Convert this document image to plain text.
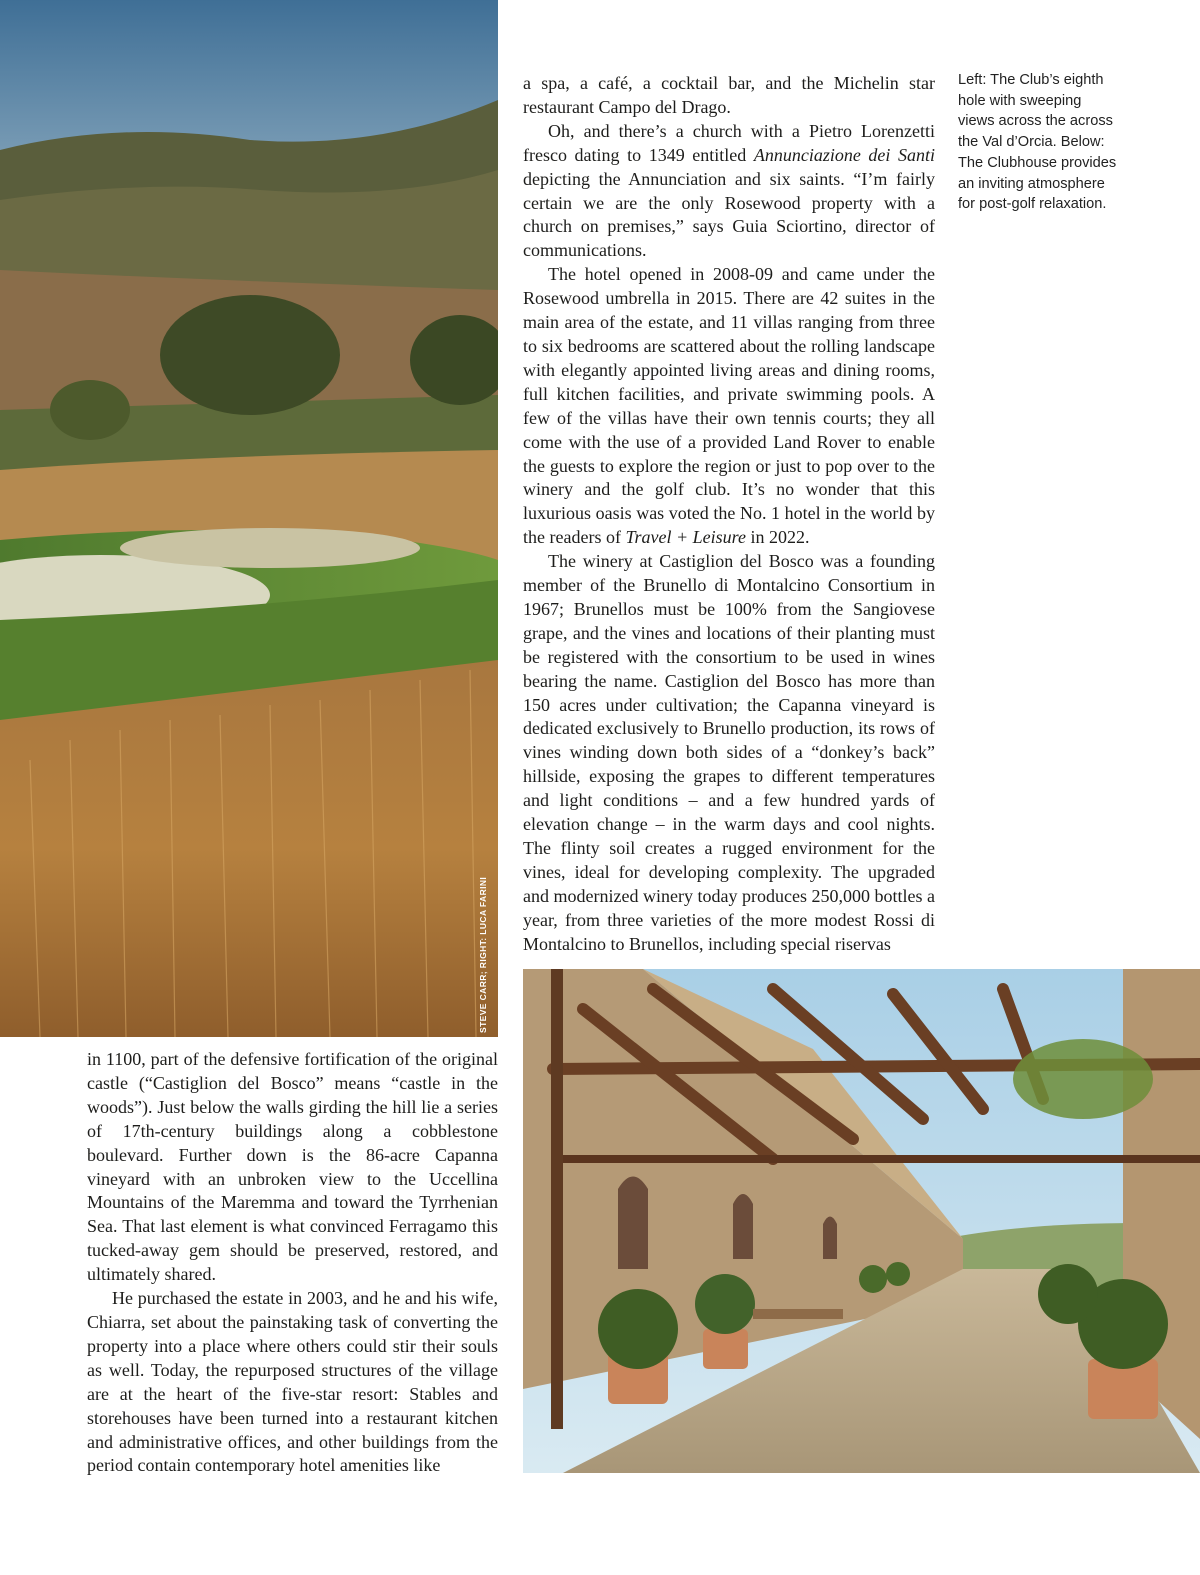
STEVE CARR; RIGHT: LUCA FARINI

a spa, a café, a cocktail bar, and the Michelin star restaurant Campo del Drago.

Oh, and there’s a church with a Pietro Lorenzetti fresco dating to 1349 entitled Annunciazione dei Santi depicting the Annunciation and six saints. “I’m fairly certain we are the only Rosewood property with a church on premises,” says Guia Sciortino, director of communications.

The hotel opened in 2008-09 and came under the Rosewood umbrella in 2015. There are 42 suites in the main area of the estate, and 11 villas ranging from three to six bedrooms are scattered about the rolling landscape with elegantly appointed living areas and dining rooms, full kitchen facilities, and private swimming pools. A few of the villas have their own tennis courts; they all come with the use of a provided Land Rover to enable the guests to explore the region or just to pop over to the winery and the golf club. It’s no wonder that this luxurious oasis was voted the No. 1 hotel in the world by the readers of Travel + Leisure in 2022.

The winery at Castiglion del Bosco was a founding member of the Brunello di Montalcino Consortium in 1967; Brunellos must be 100% from the Sangiovese grape, and the vines and locations of their planting must be registered with the consortium to be used in wines bearing the name. Castiglion del Bosco has more than 150 acres under cultivation; the Capanna vineyard is dedicated exclusively to Brunello production, its rows of vines winding down both sides of a “donkey’s back” hillside, exposing the grapes to different temperatures and light conditions – and a few hundred yards of elevation change – in the warm days and cool nights. The flinty soil creates a rugged environment for the vines, ideal for developing complexity. The upgraded and modernized winery today produces 250,000 bottles a year, from three varieties of the more modest Rossi di Montalcino to Brunellos, including special riservas

Left: The Club’s eighth hole with sweeping views across the across the Val d’Orcia. Below: The Clubhouse provides an inviting atmosphere for post-golf relaxation.

in 1100, part of the defensive fortification of the original castle (“Castiglion del Bosco” means “castle in the woods”). Just below the walls girding the hill lie a series of 17th-century buildings along a cobblestone boulevard. Further down is the 86-acre Capanna vineyard with an unbroken view to the Uccellina Mountains of the Maremma and toward the Tyrrhenian Sea. That last element is what convinced Ferragamo this tucked-away gem should be preserved, restored, and ultimately shared.

He purchased the estate in 2003, and he and his wife, Chiarra, set about the painstaking task of converting the property into a place where others could stir their souls as well. Today, the repurposed structures of the village are at the heart of the five-star resort: Stables and storehouses have been turned into a restaurant kitchen and administrative offices, and other buildings from the period contain contemporary hotel amenities like
